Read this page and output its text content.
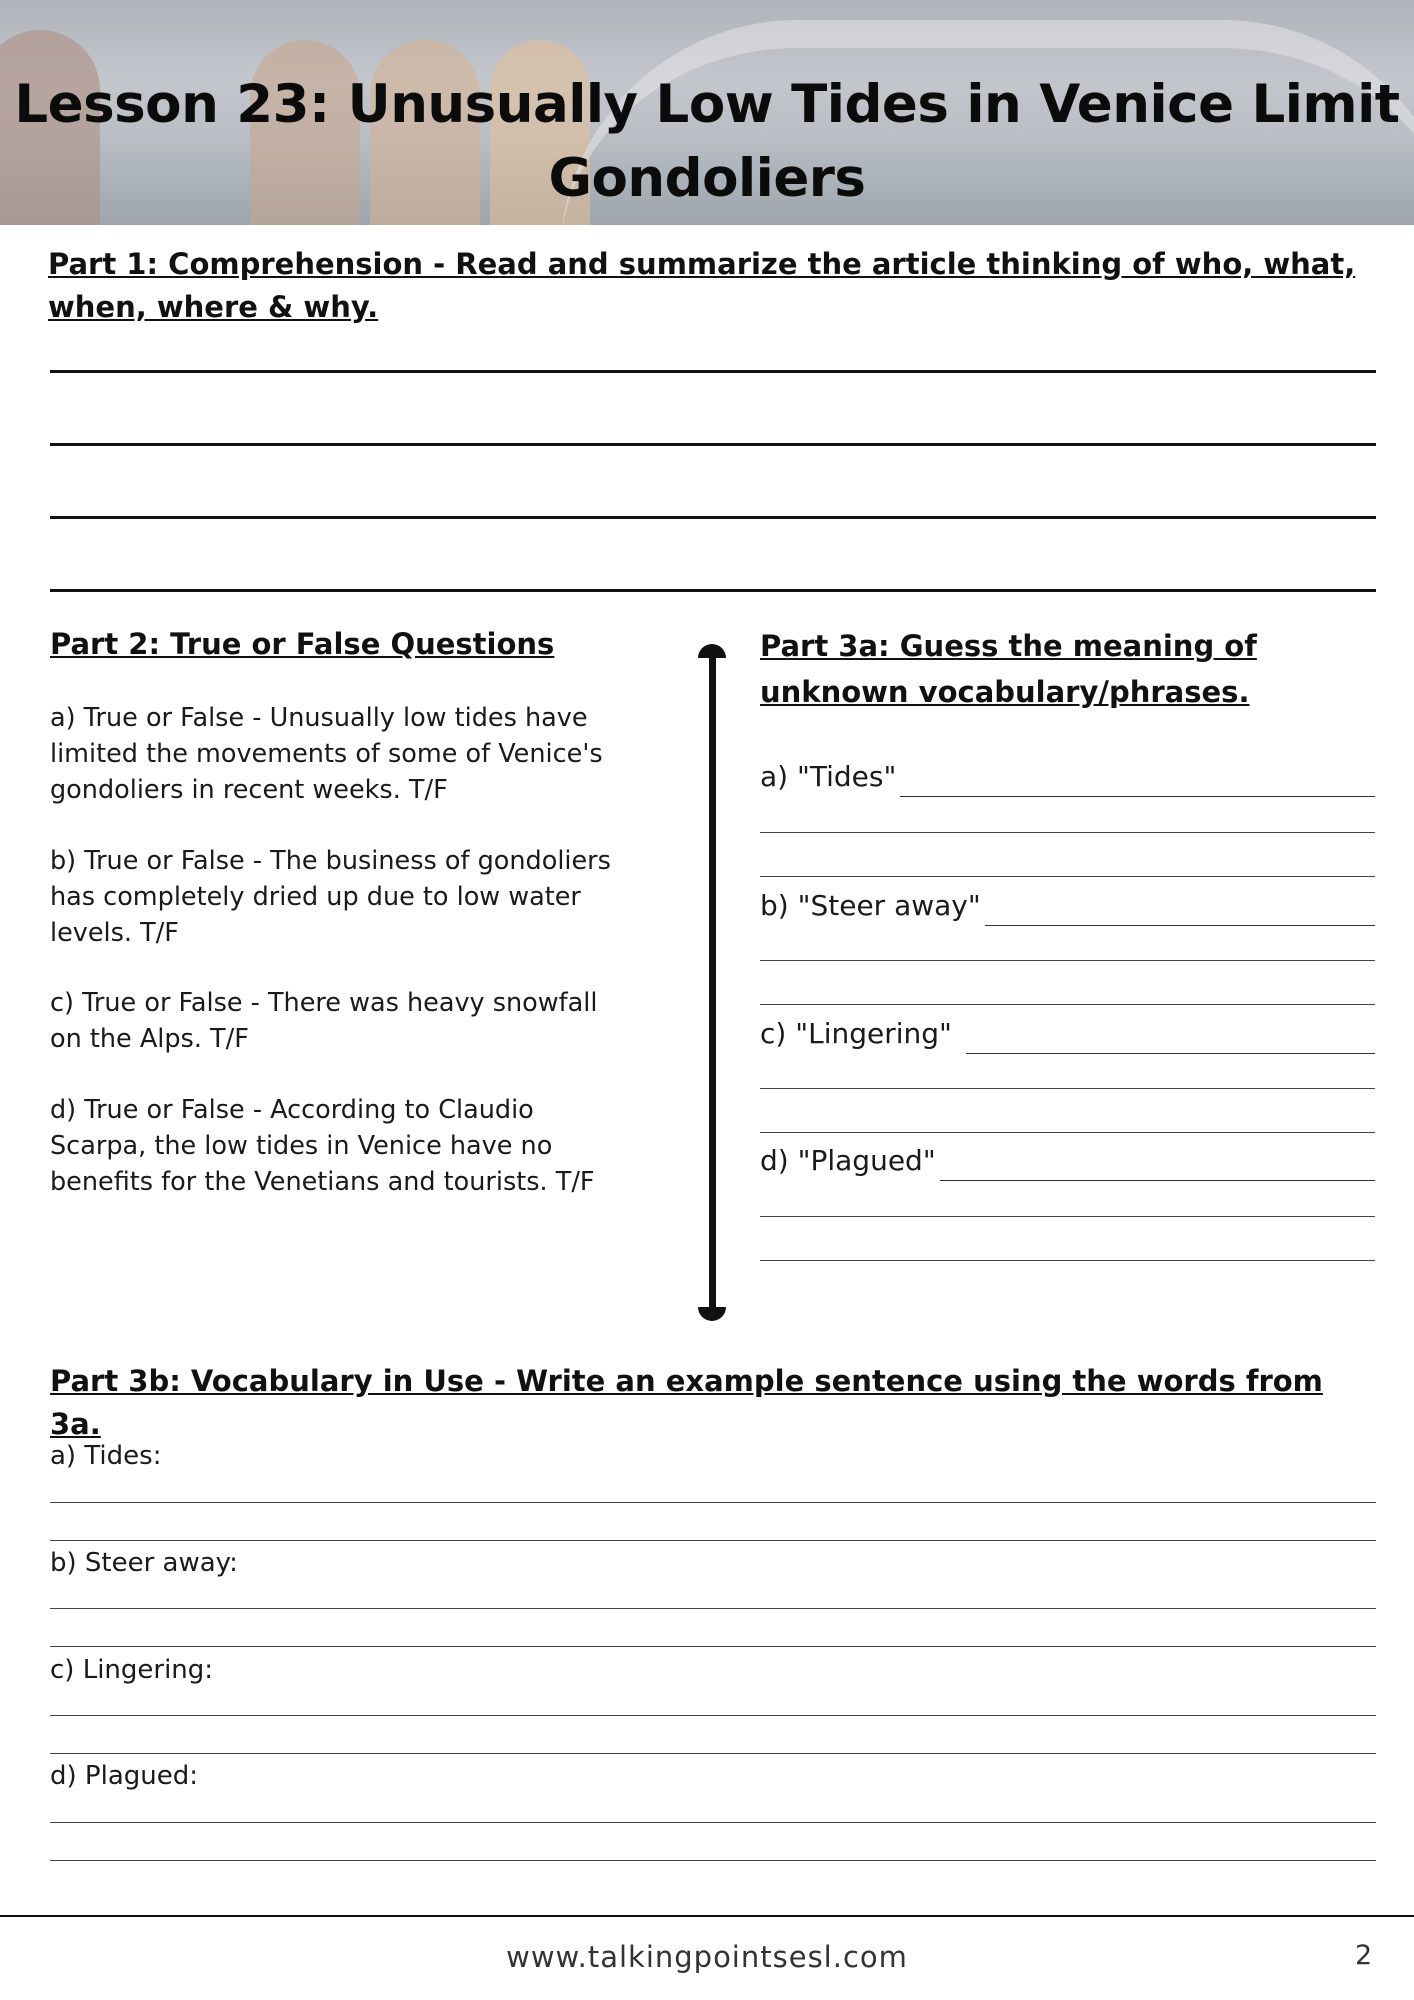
Lesson 23: Unusually Low Tides in Venice Limit Gondoliers
Part 1: Comprehension - Read and summarize the article thinking of who, what, when, where & why.
Part 2: True or False Questions

a) True or False - Unusually low tides have limited the movements of some of Venice's gondoliers in recent weeks. T/F

b) True or False - The business of gondoliers has completely dried up due to low water levels. T/F

c) True or False - There was heavy snowfall on the Alps. T/F

d) True or False - According to Claudio Scarpa, the low tides in Venice have no benefits for the Venetians and tourists. T/F

Part 3a: Guess the meaning of unknown vocabulary/phrases.
a) "Tides"
b) "Steer away"
c) "Lingering"
d) "Plagued"
Part 3b: Vocabulary in Use - Write an example sentence using the words from 3a.
a) Tides:
b) Steer away:
c) Lingering:
d) Plagued:
www.talkingpointsesl.com	2
